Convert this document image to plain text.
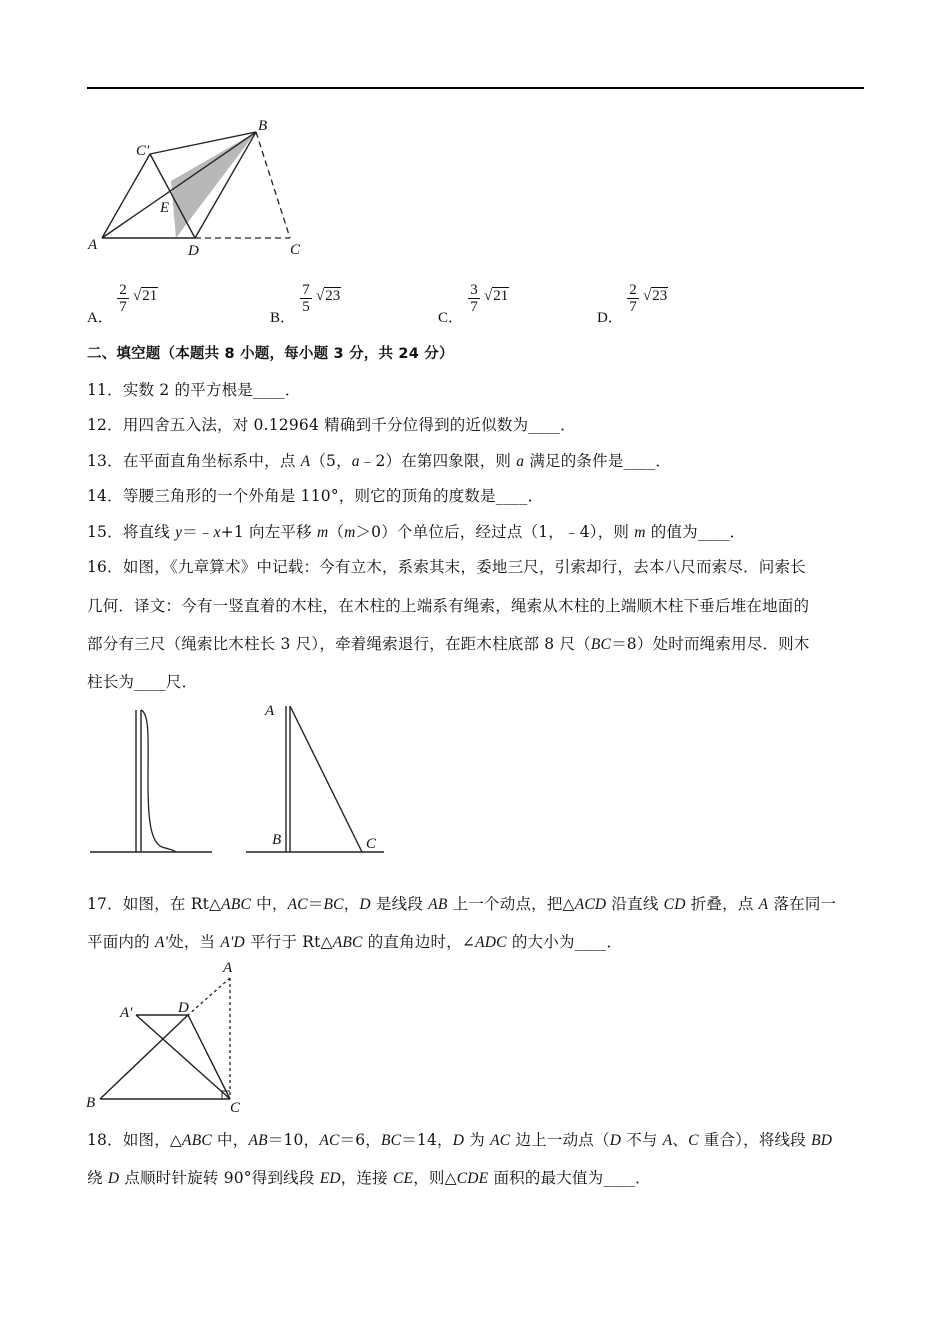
B
C′
E
A	D	C
A．
$\frac{2}{7} √21$
B．
$\frac{7}{5} √23$
C．
$\frac{3}{7} √21$
D．
$\frac{2}{7} √23$
二、填空题（本题共 8 小题，每小题 3 分，共 24 分）
11．实数 2 的平方根是____．
12．用四舍五入法，对 0.12964 精确到千分位得到的近似数为____．
13．在平面直角坐标系中，点 A（5，a﹣2）在第四象限，则 a 满足的条件是____．
14．等腰三角形的一个外角是 110°，则它的顶角的度数是____．
15．将直线 y＝﹣x+1 向左平移 m（m＞0）个单位后，经过点（1，﹣4），则 m 的值为____．
16．如图，《九章算术》中记载：今有立木，系索其末，委地三尺，引索却行，去本八尺而索尽．问索长
几何．译文：今有一竖直着的木柱，在木柱的上端系有绳索，绳索从木柱的上端顺木柱下垂后堆在地面的
部分有三尺（绳索比木柱长 3 尺），牵着绳索退行，在距木柱底部 8 尺（BC＝8）处时而绳索用尽．则木
柱长为____尺．
A
B	C
17．如图，在 Rt△ABC 中，AC＝BC，D 是线段 AB 上一个动点，把△ACD 沿直线 CD 折叠，点 A 落在同一
平面内的 A'处，当 A'D 平行于 Rt△ABC 的直角边时，∠ADC 的大小为____．
A
A′	D
B	C
18．如图，△ABC 中，AB＝10，AC＝6，BC＝14，D 为 AC 边上一动点（D 不与 A、C 重合），将线段 BD
绕 D 点顺时针旋转 90°得到线段 ED，连接 CE，则△CDE 面积的最大值为____．
